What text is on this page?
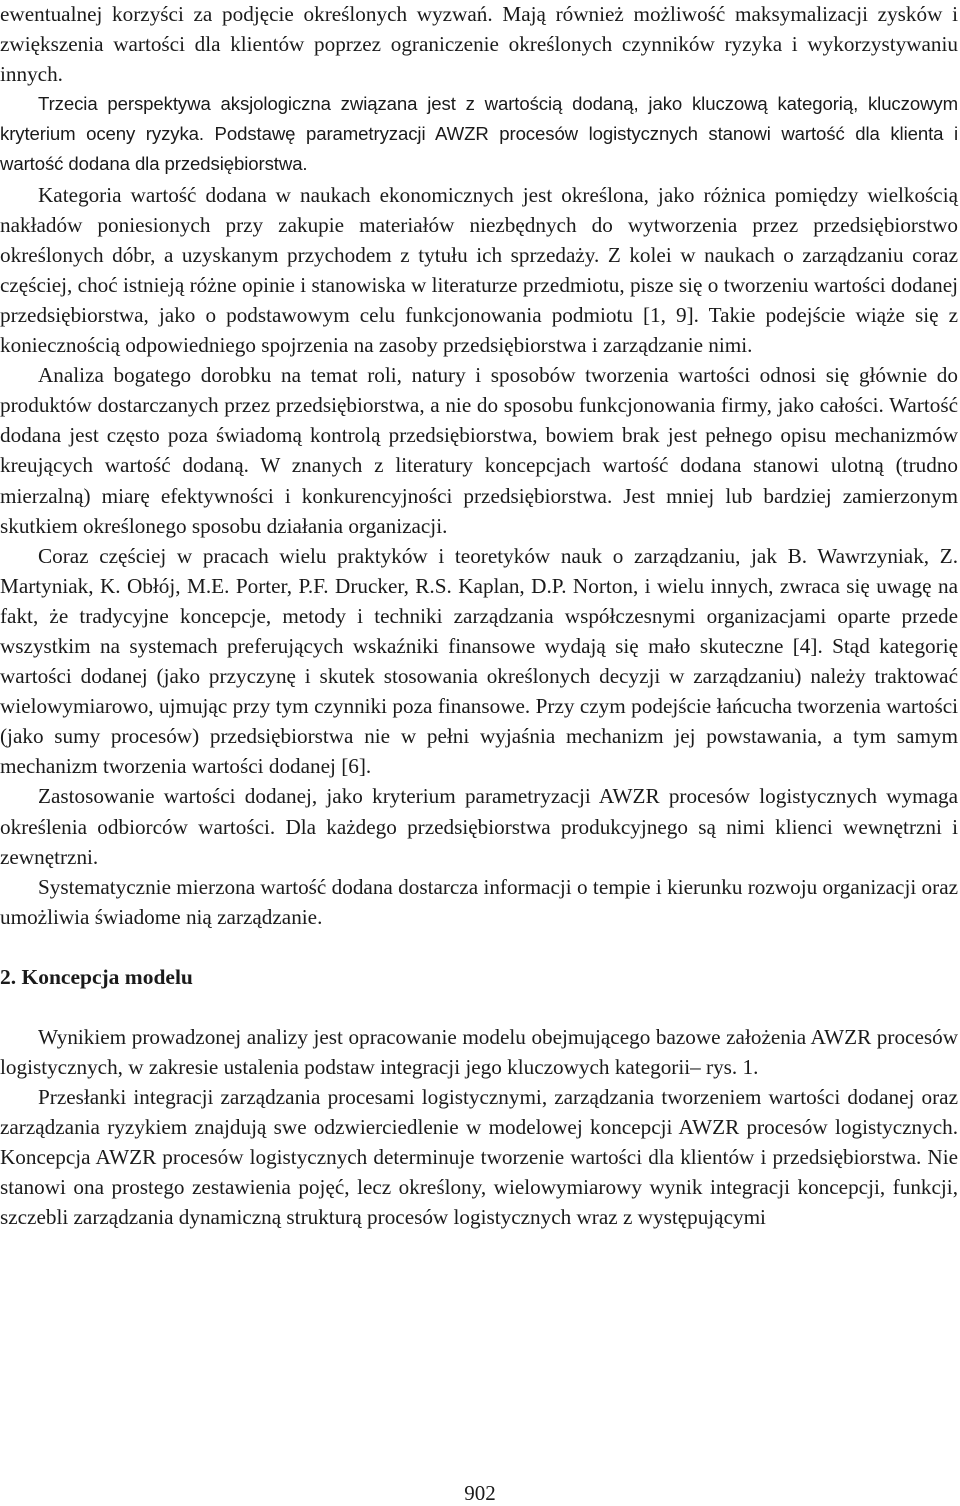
ewentualnej korzyści za podjęcie określonych wyzwań. Mają również możliwość maksymalizacji zysków i zwiększenia wartości dla klientów poprzez ograniczenie określonych czynników ryzyka i wykorzystywaniu innych.

Trzecia perspektywa aksjologiczna związana jest z wartością dodaną, jako kluczową kategorią, kluczowym kryterium oceny ryzyka. Podstawę parametryzacji AWZR procesów logistycznych stanowi wartość dla klienta i wartość dodana dla przedsiębiorstwa.

Kategoria wartość dodana w naukach ekonomicznych jest określona, jako różnica pomiędzy wielkością nakładów poniesionych przy zakupie materiałów niezbędnych do wytworzenia przez przedsiębiorstwo określonych dóbr, a uzyskanym przychodem z tytułu ich sprzedaży. Z kolei w naukach o zarządzaniu coraz częściej, choć istnieją różne opinie i stanowiska w literaturze przedmiotu, pisze się o tworzeniu wartości dodanej przedsiębiorstwa, jako o podstawowym celu funkcjonowania podmiotu [1, 9]. Takie podejście wiąże się z koniecznością odpowiedniego spojrzenia na zasoby przedsiębiorstwa i zarządzanie nimi.

Analiza bogatego dorobku na temat roli, natury i sposobów tworzenia wartości odnosi się głównie do produktów dostarczanych przez przedsiębiorstwa, a nie do sposobu funkcjonowania firmy, jako całości. Wartość dodana jest często poza świadomą kontrolą przedsiębiorstwa, bowiem brak jest pełnego opisu mechanizmów kreujących wartość dodaną. W znanych z literatury koncepcjach wartość dodana stanowi ulotną (trudno mierzalną) miarę efektywności i konkurencyjności przedsiębiorstwa. Jest mniej lub bardziej zamierzonym skutkiem określonego sposobu działania organizacji.

Coraz częściej w pracach wielu praktyków i teoretyków nauk o zarządzaniu, jak B. Wawrzyniak, Z. Martyniak, K. Obłój, M.E. Porter, P.F. Drucker, R.S. Kaplan, D.P. Norton, i wielu innych, zwraca się uwagę na fakt, że tradycyjne koncepcje, metody i techniki zarządzania współczesnymi organizacjami oparte przede wszystkim na systemach preferujących wskaźniki finansowe wydają się mało skuteczne [4]. Stąd kategorię wartości dodanej (jako przyczynę i skutek stosowania określonych decyzji w zarządzaniu) należy traktować wielowymiarowo, ujmując przy tym czynniki poza finansowe. Przy czym podejście łańcucha tworzenia wartości (jako sumy procesów) przedsiębiorstwa nie w pełni wyjaśnia mechanizm jej powstawania, a tym samym mechanizm tworzenia wartości dodanej [6].

Zastosowanie wartości dodanej, jako kryterium parametryzacji AWZR procesów logistycznych wymaga określenia odbiorców wartości. Dla każdego przedsiębiorstwa produkcyjnego są nimi klienci wewnętrzni i zewnętrzni.

Systematycznie mierzona wartość dodana dostarcza informacji o tempie i kierunku rozwoju organizacji oraz umożliwia świadome nią zarządzanie.

2. Koncepcja modelu

Wynikiem prowadzonej analizy jest opracowanie modelu obejmującego bazowe założenia AWZR procesów logistycznych, w zakresie ustalenia podstaw integracji jego kluczowych kategorii– rys. 1.

Przesłanki integracji zarządzania procesami logistycznymi, zarządzania tworzeniem wartości dodanej oraz zarządzania ryzykiem znajdują swe odzwierciedlenie w modelowej koncepcji AWZR procesów logistycznych. Koncepcja AWZR procesów logistycznych determinuje tworzenie wartości dla klientów i przedsiębiorstwa. Nie stanowi ona prostego zestawienia pojęć, lecz określony, wielowymiarowy wynik integracji koncepcji, funkcji, szczebli zarządzania dynamiczną strukturą procesów logistycznych wraz z występującymi

902
